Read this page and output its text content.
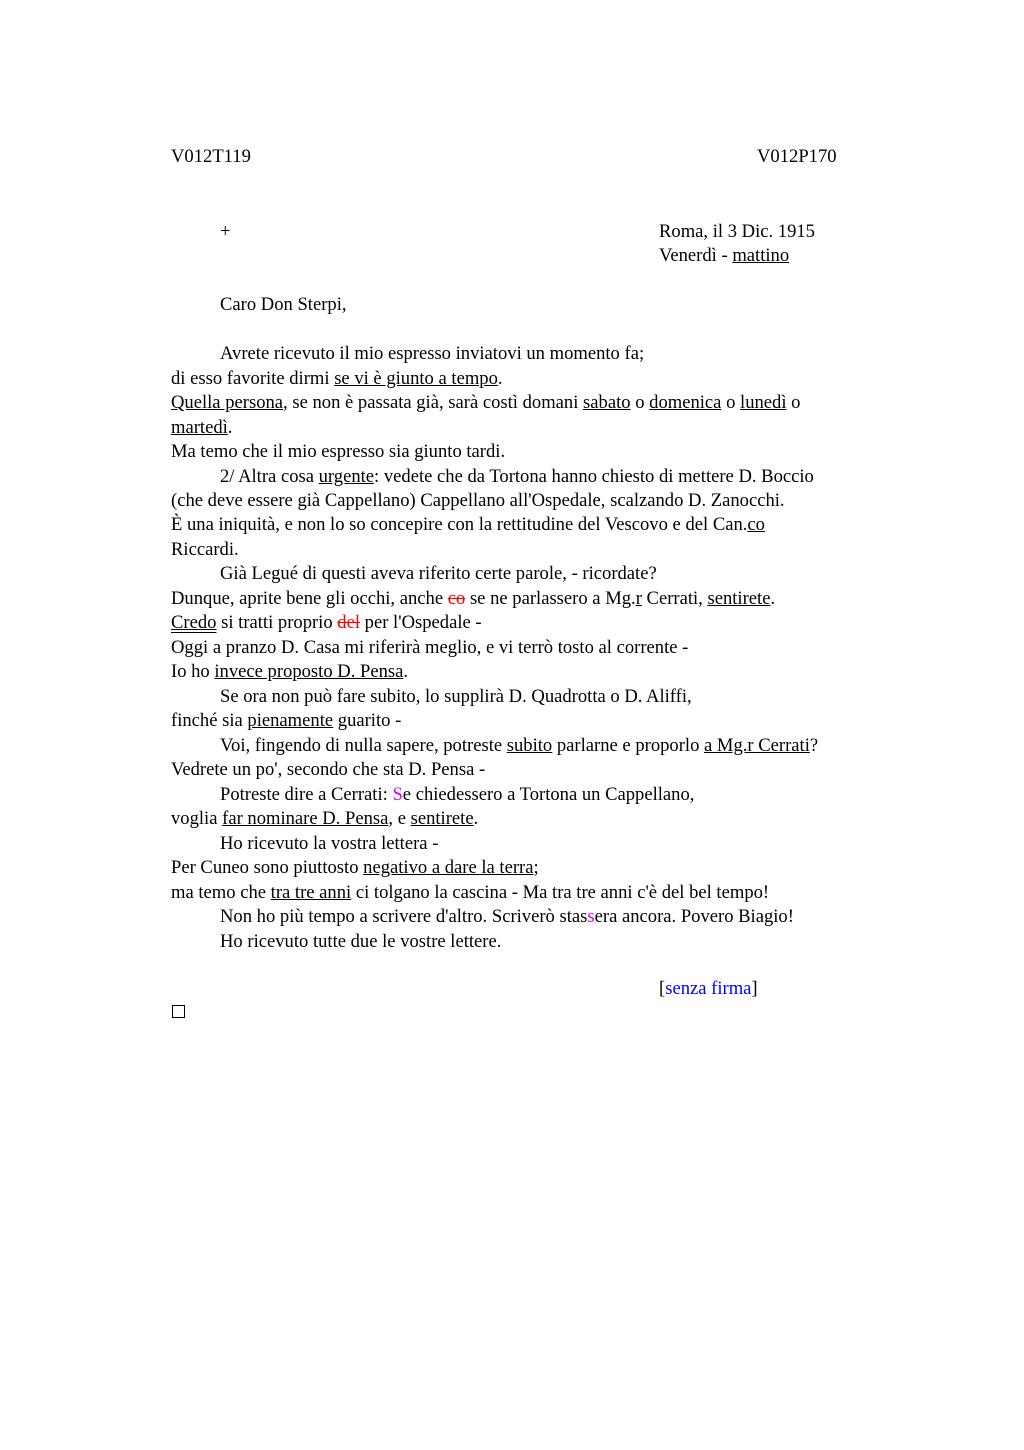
V012T119	V012P170
+	Roma, il 3 Dic. 1915
Venerdì - mattino
Caro Don Sterpi,
Avrete ricevuto il mio espresso inviatovi un momento fa;
di esso favorite dirmi se vi è giunto a tempo.
Quella persona, se non è passata già, sarà costì domani sabato o domenica o lunedì o
martedì.
Ma temo che il mio espresso sia giunto tardi.
2/ Altra cosa urgente: vedete che da Tortona hanno chiesto di mettere D. Boccio
(che deve essere già Cappellano) Cappellano all'Ospedale, scalzando D. Zanocchi.
È una iniquità, e non lo so concepire con la rettitudine del Vescovo e del Can.co
Riccardi.
Già Legué di questi aveva riferito certe parole, - ricordate?
Dunque, aprite bene gli occhi, anche co se ne parlassero a Mg.r Cerrati, sentirete.
Credo si tratti proprio del per l'Ospedale -
Oggi a pranzo D. Casa mi riferirà meglio, e vi terrò tosto al corrente -
Io ho invece proposto D. Pensa.
Se ora non può fare subito, lo supplirà D. Quadrotta o D. Aliffi,
finché sia pienamente guarito -
Voi, fingendo di nulla sapere, potreste subito parlarne e proporlo a Mg.r Cerrati?
Vedrete un po', secondo che sta D. Pensa -
Potreste dire a Cerrati: Se chiedessero a Tortona un Cappellano,
voglia far nominare D. Pensa, e sentirete.
Ho ricevuto la vostra lettera -
Per Cuneo sono piuttosto negativo a dare la terra;
ma temo che tra tre anni ci tolgano la cascina - Ma tra tre anni c'è del bel tempo!
Non ho più tempo a scrivere d'altro. Scriverò stassera ancora. Povero Biagio!
Ho ricevuto tutte due le vostre lettere.
[senza firma]
